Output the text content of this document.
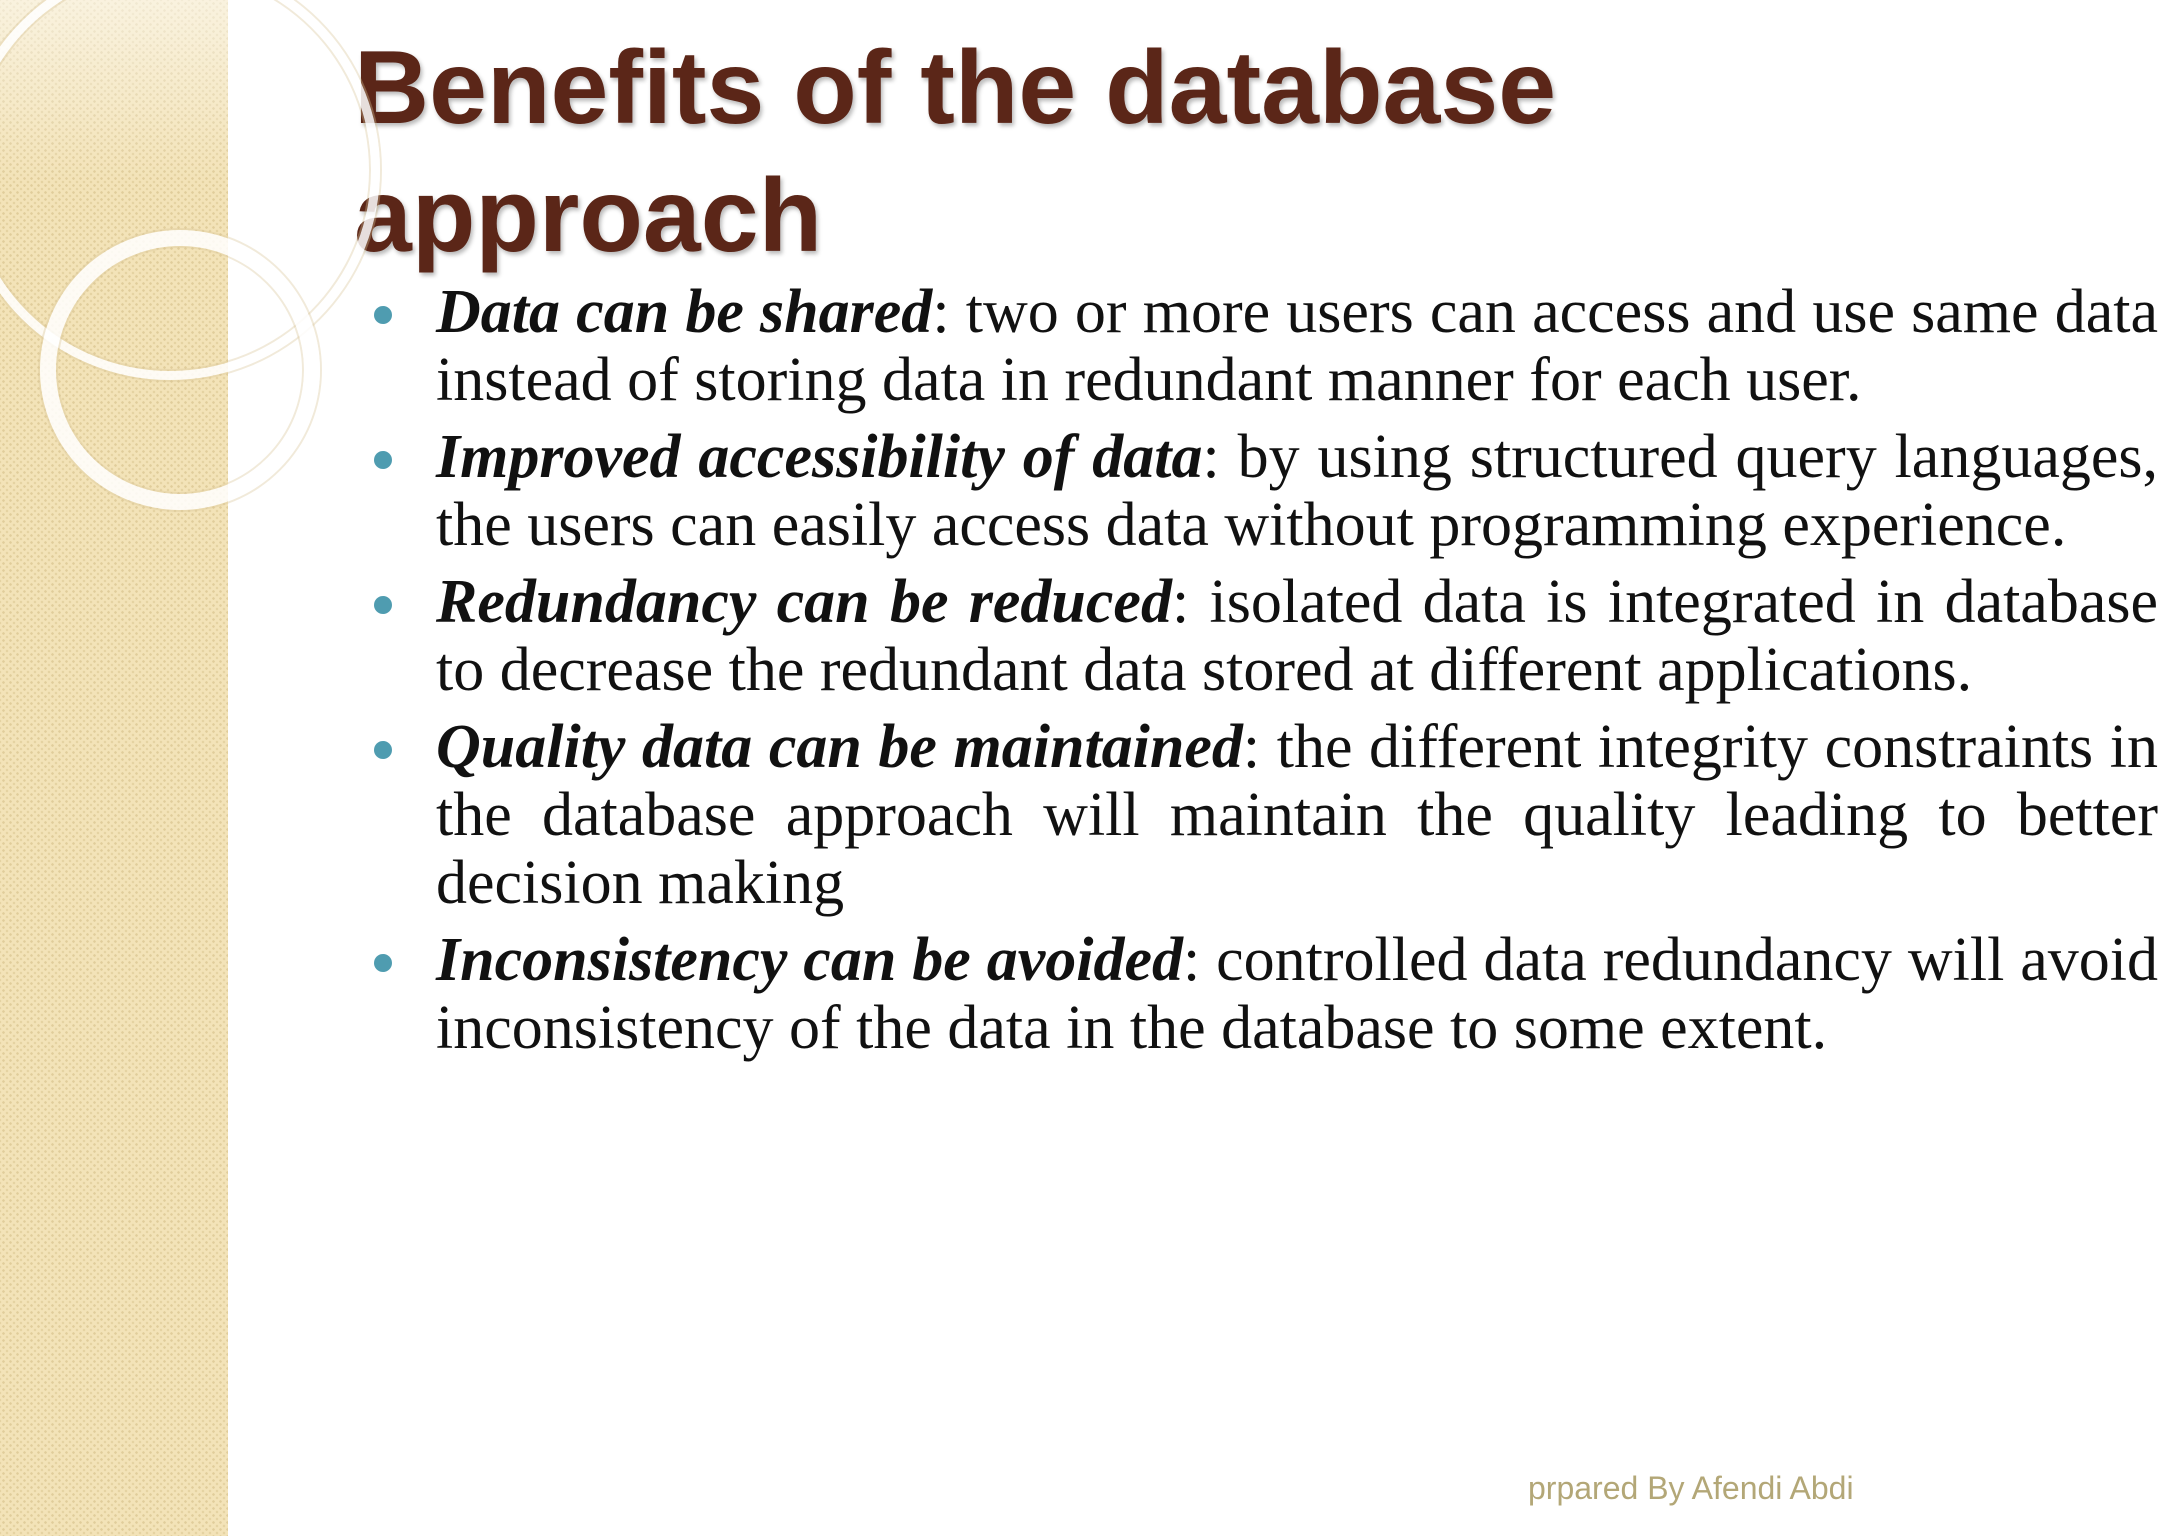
Benefits of the database approach
Data can be shared: two or more users can access and use same data instead of storing data in redundant manner for each user.
Improved accessibility of data: by using structured query languages, the users can easily access data without programming experience.
Redundancy can be reduced: isolated data is integrated in database to decrease the redundant data stored at different applications.
Quality data can be maintained: the different integrity constraints in the database approach will maintain the quality leading to better decision making
Inconsistency can be avoided: controlled data redundancy will avoid inconsistency of the data in the database to some extent.
prpared By Afendi Abdi
